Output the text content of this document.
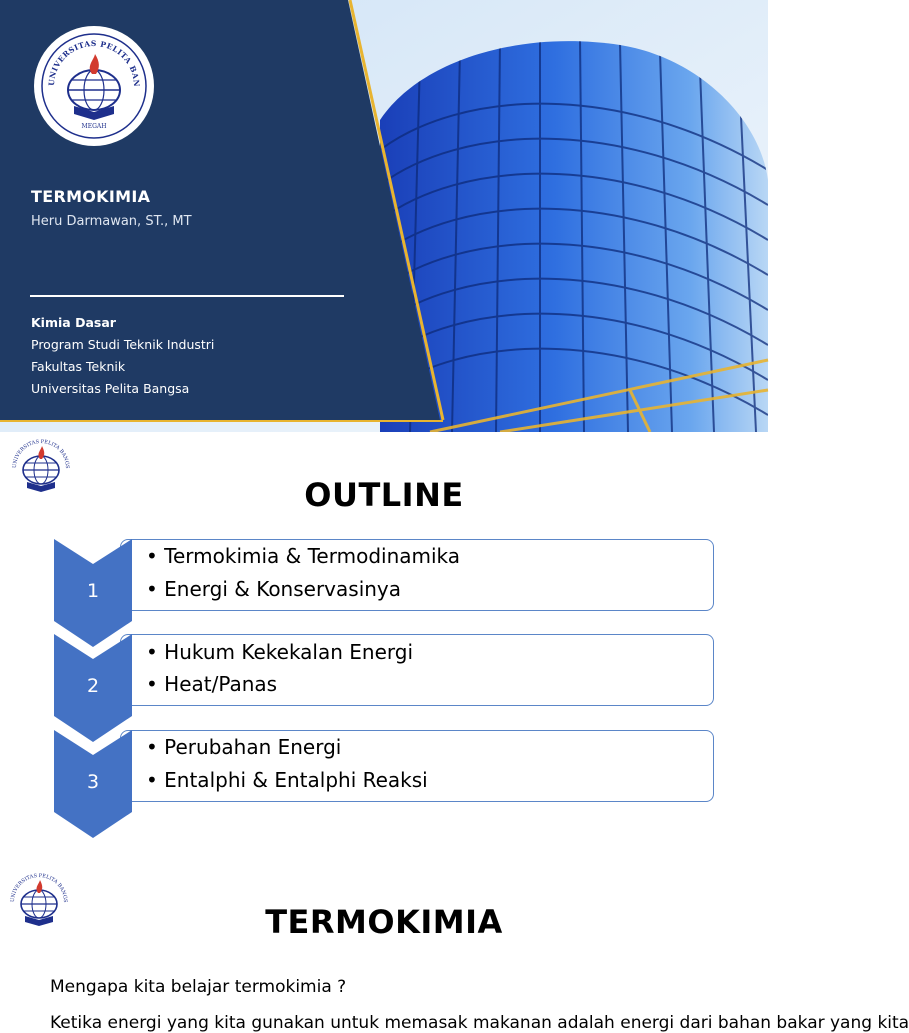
UNIVERSITAS PELITA BAN
MEGAH
TERMOKIMIA
Heru Darmawan, ST., MT
Kimia Dasar
Program Studi Teknik Industri
Fakultas Teknik
Universitas Pelita Bangsa
UNIVERSITAS PELITA BANGS
OUTLINE
1
• Termokimia & Termodinamika
• Energi & Konservasinya
2
• Hukum Kekekalan Energi
• Heat/Panas
3
• Perubahan Energi
• Entalphi & Entalphi Reaksi
UNIVERSITAS PELITA BANGS
TERMOKIMIA
Mengapa kita belajar termokimia ?
Ketika energi yang kita gunakan untuk memasak makanan adalah energi dari bahan bakar yang kita
